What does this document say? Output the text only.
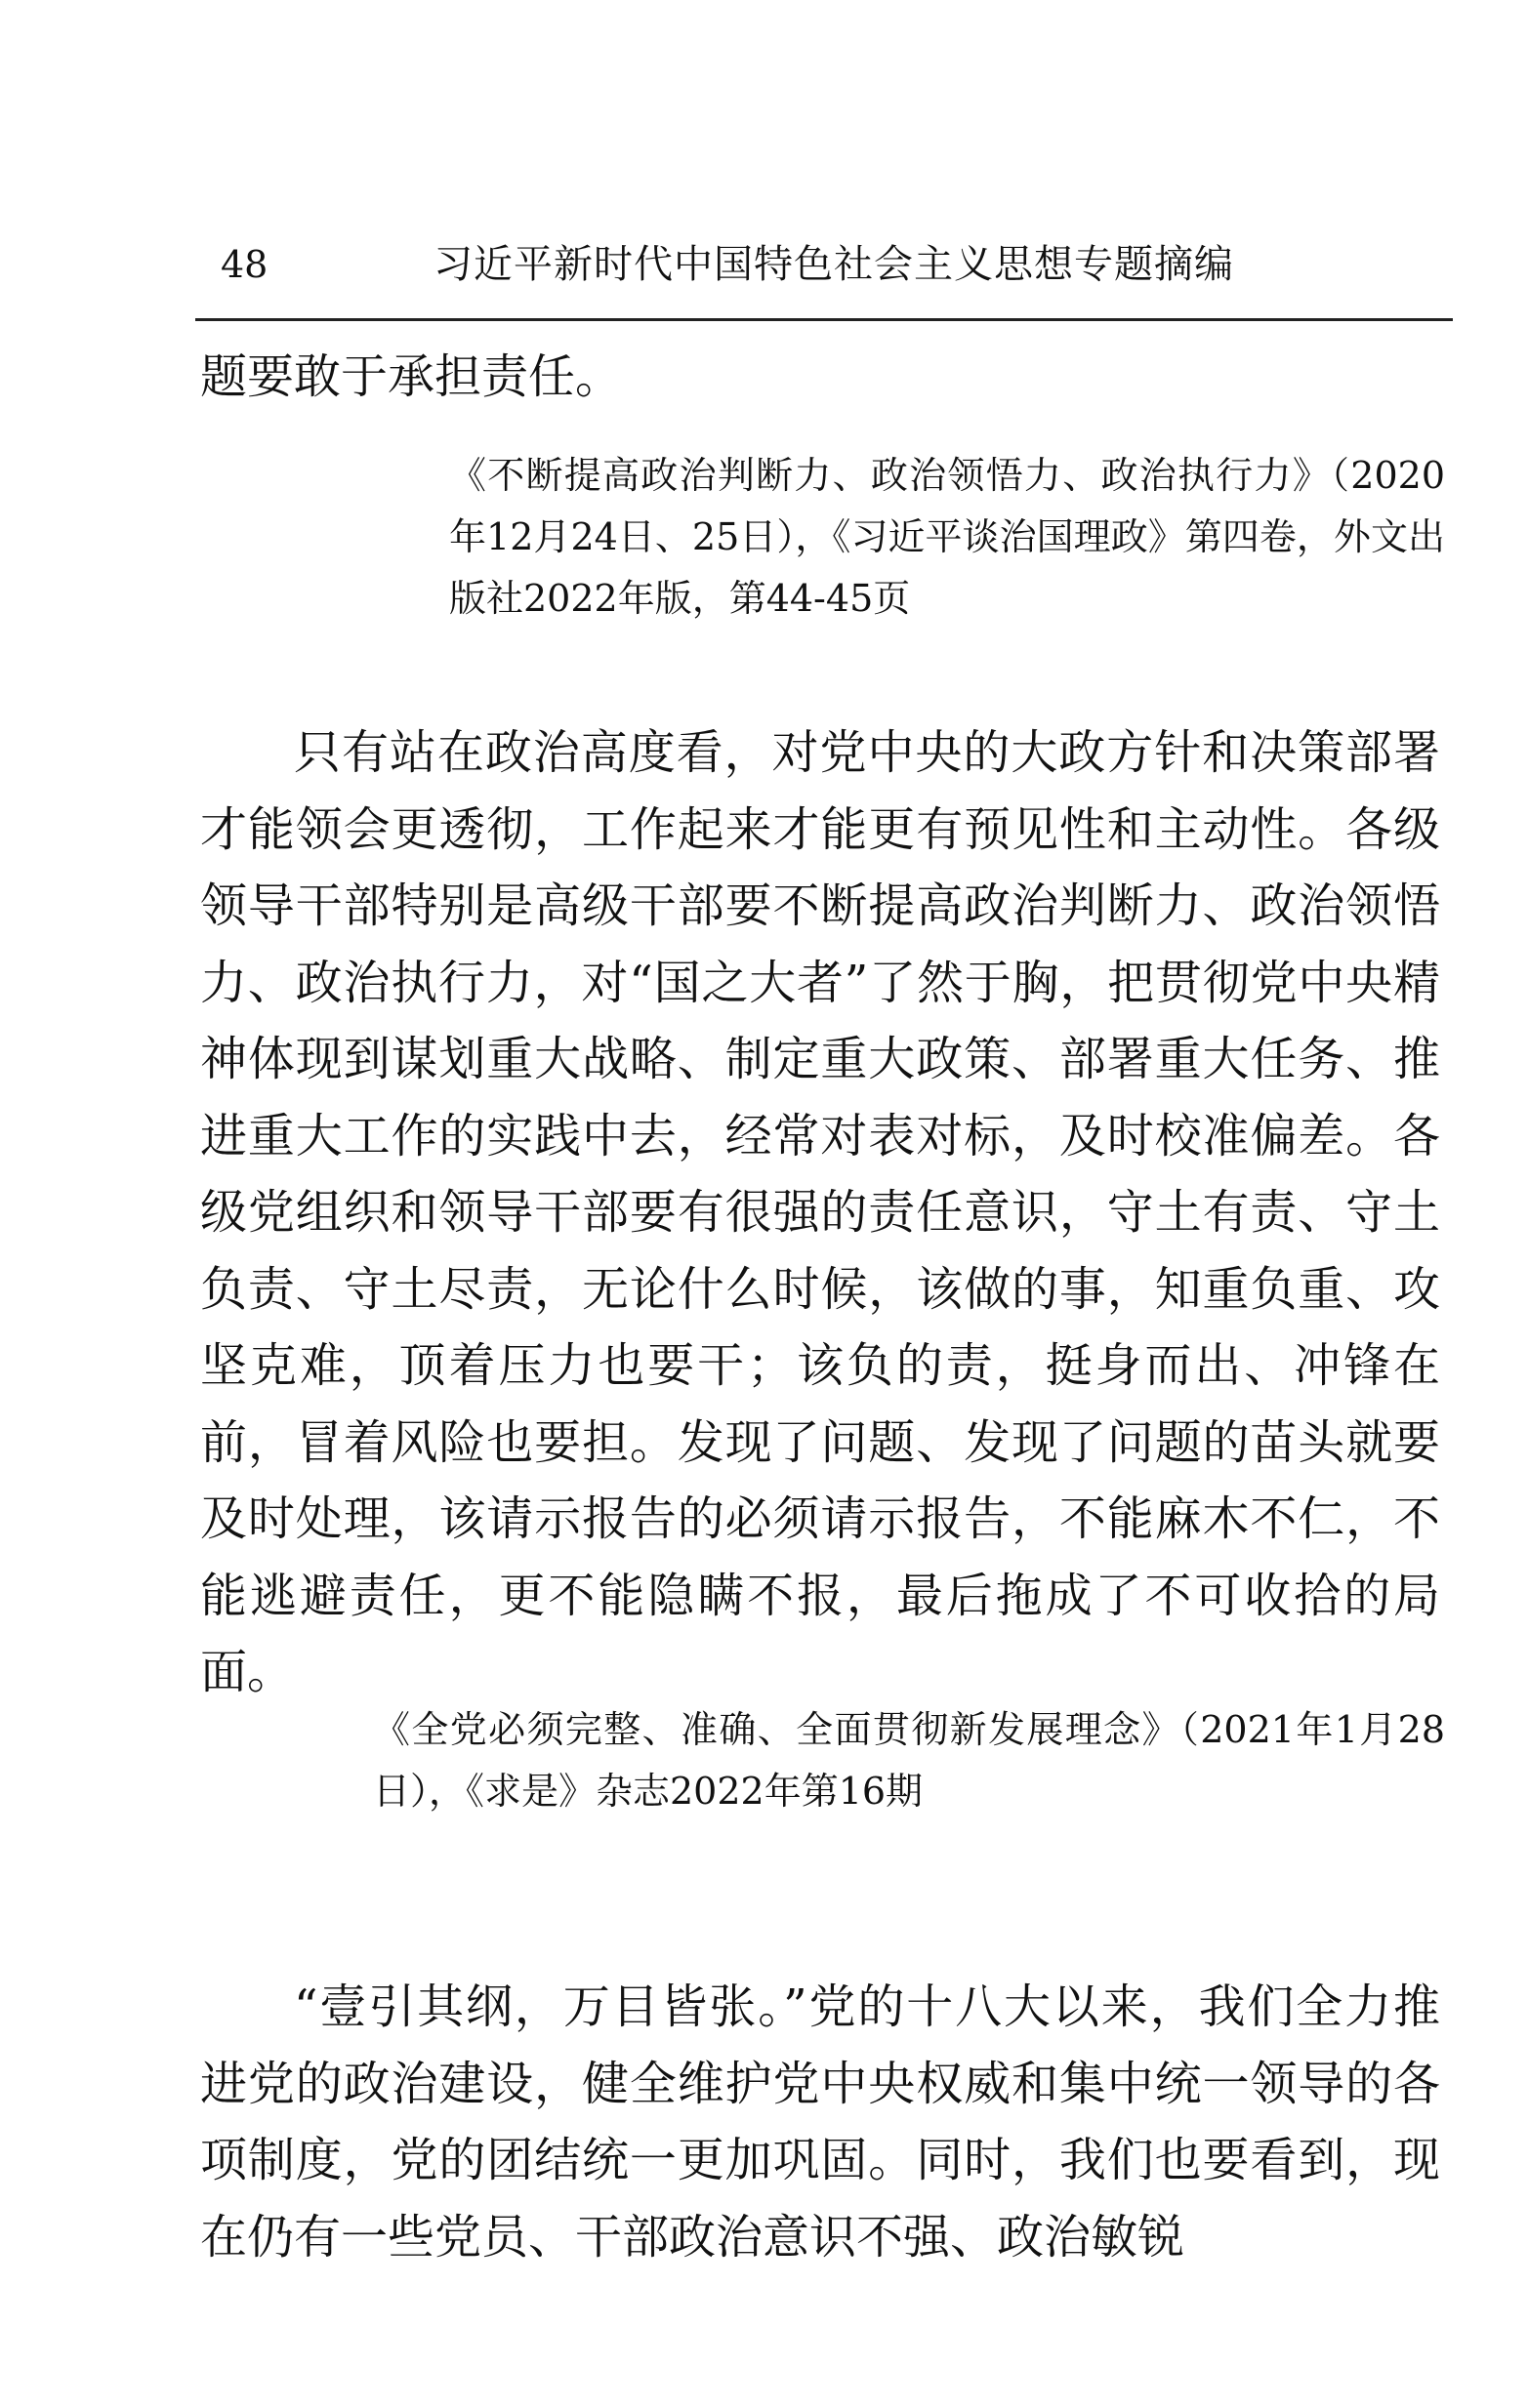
48	习近平新时代中国特色社会主义思想专题摘编

题要敢于承担责任。

《不断提高政治判断力、政治领悟力、政治执行力》（2020年12月24日、25日），《习近平谈治国理政》第四卷，外文出版社2022年版，第44-45页

只有站在政治高度看，对党中央的大政方针和决策部署才能领会更透彻，工作起来才能更有预见性和主动性。各级领导干部特别是高级干部要不断提高政治判断力、政治领悟力、政治执行力，对“国之大者”了然于胸，把贯彻党中央精神体现到谋划重大战略、制定重大政策、部署重大任务、推进重大工作的实践中去，经常对表对标，及时校准偏差。各级党组织和领导干部要有很强的责任意识，守土有责、守土负责、守土尽责，无论什么时候，该做的事，知重负重、攻坚克难，顶着压力也要干；该负的责，挺身而出、冲锋在前，冒着风险也要担。发现了问题、发现了问题的苗头就要及时处理，该请示报告的必须请示报告，不能麻木不仁，不能逃避责任，更不能隐瞒不报，最后拖成了不可收拾的局面。

《全党必须完整、准确、全面贯彻新发展理念》（2021年1月28日），《求是》杂志2022年第16期

“壹引其纲，万目皆张。”党的十八大以来，我们全力推进党的政治建设，健全维护党中央权威和集中统一领导的各项制度，党的团结统一更加巩固。同时，我们也要看到，现在仍有一些党员、干部政治意识不强、政治敏锐
